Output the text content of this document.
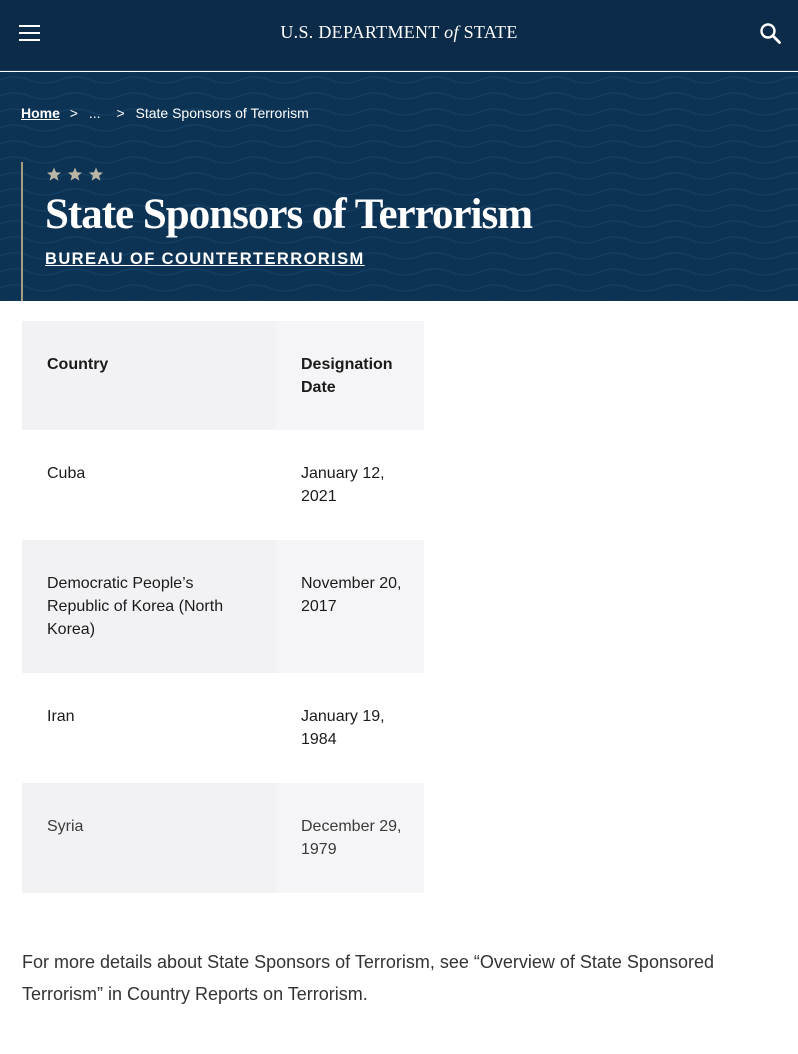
U.S. DEPARTMENT of STATE
Home > ... > State Sponsors of Terrorism
State Sponsors of Terrorism
BUREAU OF COUNTERTERRORISM
Country	Designation Date
Cuba	January 12, 2021
Democratic People’s Republic of Korea (North Korea)	November 20, 2017
Iran	January 19, 1984
Syria	December 29, 1979

For more details about State Sponsors of Terrorism, see “Overview of State Sponsored Terrorism” in Country Reports on Terrorism.
